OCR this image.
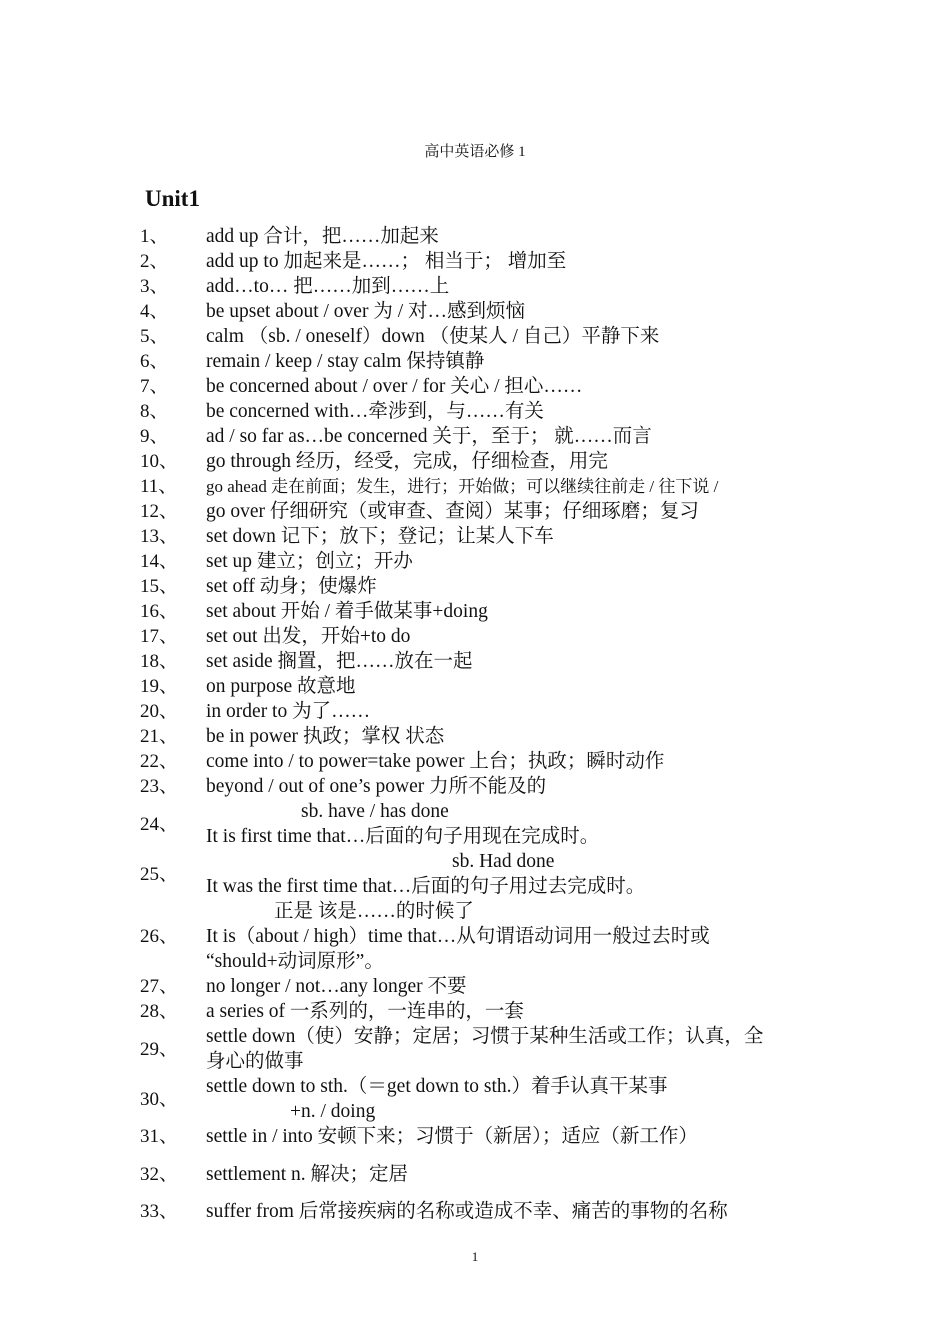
高中英语必修 1
Unit1
1、	add up 合计，把……加起来
2、	add up to 加起来是……； 相当于； 增加至
3、	add…to… 把……加到……上
4、	be upset about / over 为 / 对…感到烦恼
5、	calm （sb. / oneself）down （使某人 / 自己）平静下来
6、	remain / keep / stay calm 保持镇静
7、	be concerned about / over / for 关心 / 担心……
8、	be concerned with…牵涉到，与……有关
9、	ad / so far as…be concerned 关于，至于； 就……而言
10、	go through 经历，经受，完成，仔细检查，用完
11、	go ahead 走在前面；发生，进行；开始做；可以继续往前走 / 往下说 /
12、	go over 仔细研究（或审查、查阅）某事；仔细琢磨；复习
13、	set down 记下；放下；登记；让某人下车
14、	set up 建立；创立；开办
15、	set off 动身；使爆炸
16、	set about 开始 / 着手做某事+doing
17、	set out 出发，开始+to do
18、	set aside 搁置，把……放在一起
19、	on purpose 故意地
20、	in order to 为了……
21、	be in power 执政；掌权 状态
22、	come into / to power=take power 上台；执政；瞬时动作
23、	beyond / out of one’s power 力所不能及的
24、
sb. have / has done
It is first time that…后面的句子用现在完成时。
25、
sb. Had done
It was the first time that…后面的句子用过去完成时。
26、
正是 该是……的时候了
It is（about / high）time that…从句谓语动词用一般过去时或
“should+动词原形”。
27、	no longer / not…any longer 不要
28、	a series of 一系列的，一连串的，一套
29、
settle down（使）安静；定居；习惯于某种生活或工作；认真，全
身心的做事
30、
settle down to sth.（＝get down to sth.）着手认真干某事
+n. / doing
31、	settle in / into 安顿下来；习惯于（新居）；适应（新工作）
32、	settlement n. 解决；定居
33、	suffer from 后常接疾病的名称或造成不幸、痛苦的事物的名称
1
